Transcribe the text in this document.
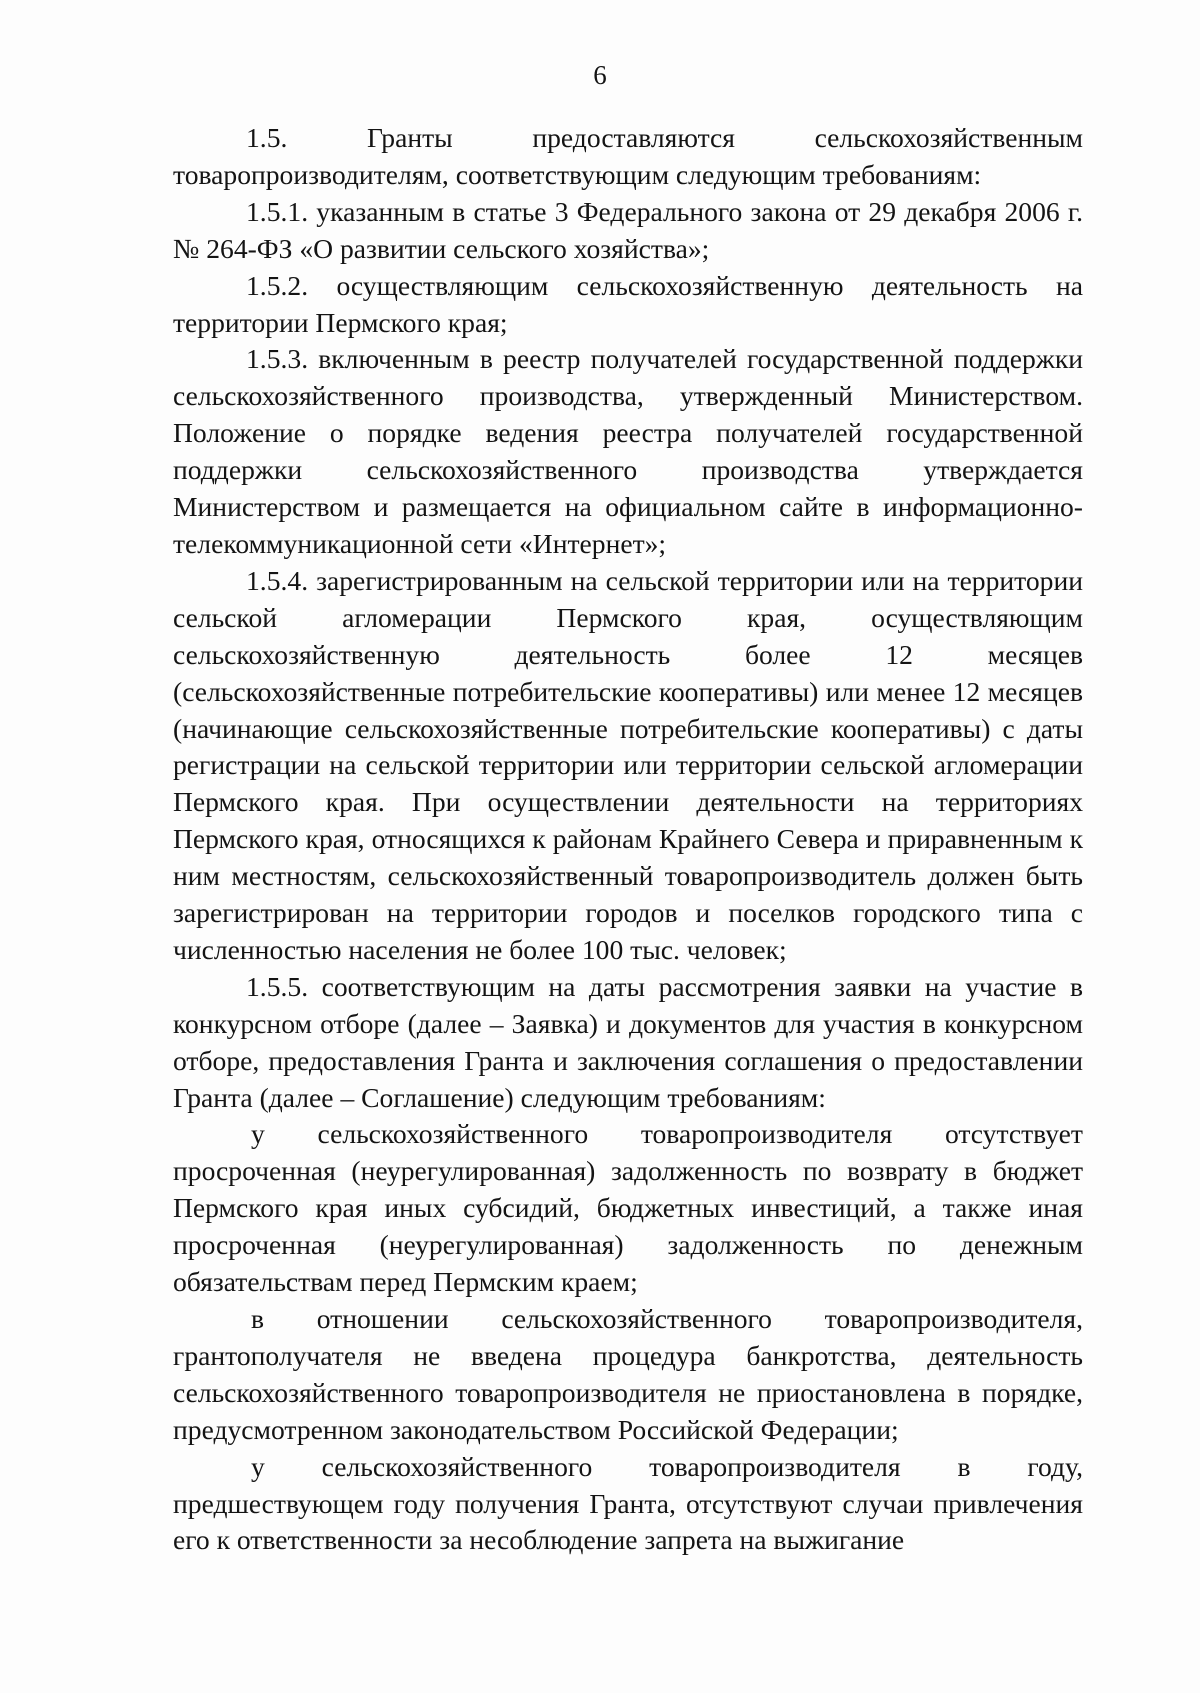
6

1.5. Гранты предоставляются сельскохозяйственным товаропроизводителям, соответствующим следующим требованиям:

1.5.1. указанным в статье 3 Федерального закона от 29 декабря 2006 г. № 264-ФЗ «О развитии сельского хозяйства»;

1.5.2. осуществляющим сельскохозяйственную деятельность на территории Пермского края;

1.5.3. включенным в реестр получателей государственной поддержки сельскохозяйственного производства, утвержденный Министерством. Положение о порядке ведения реестра получателей государственной поддержки сельскохозяйственного производства утверждается Министерством и размещается на официальном сайте в информационно-телекоммуникационной сети «Интернет»;

1.5.4. зарегистрированным на сельской территории или на территории сельской агломерации Пермского края, осуществляющим сельскохозяйственную деятельность более 12 месяцев (сельскохозяйственные потребительские кооперативы) или менее 12 месяцев (начинающие сельскохозяйственные потребительские кооперативы) с даты регистрации на сельской территории или территории сельской агломерации Пермского края. При осуществлении деятельности на территориях Пермского края, относящихся к районам Крайнего Севера и приравненным к ним местностям, сельскохозяйственный товаропроизводитель должен быть зарегистрирован на территории городов и поселков городского типа с численностью населения не более 100 тыс. человек;

1.5.5. соответствующим на даты рассмотрения заявки на участие в конкурсном отборе (далее – Заявка) и документов для участия в конкурсном отборе, предоставления Гранта и заключения соглашения о предоставлении Гранта (далее – Соглашение) следующим требованиям:

у сельскохозяйственного товаропроизводителя отсутствует просроченная (неурегулированная) задолженность по возврату в бюджет Пермского края иных субсидий, бюджетных инвестиций, а также иная просроченная (неурегулированная) задолженность по денежным обязательствам перед Пермским краем;

в отношении сельскохозяйственного товаропроизводителя, грантополучателя не введена процедура банкротства, деятельность сельскохозяйственного товаропроизводителя не приостановлена в порядке, предусмотренном законодательством Российской Федерации;

у сельскохозяйственного товаропроизводителя в году, предшествующем году получения Гранта, отсутствуют случаи привлечения его к ответственности за несоблюдение запрета на выжигание
